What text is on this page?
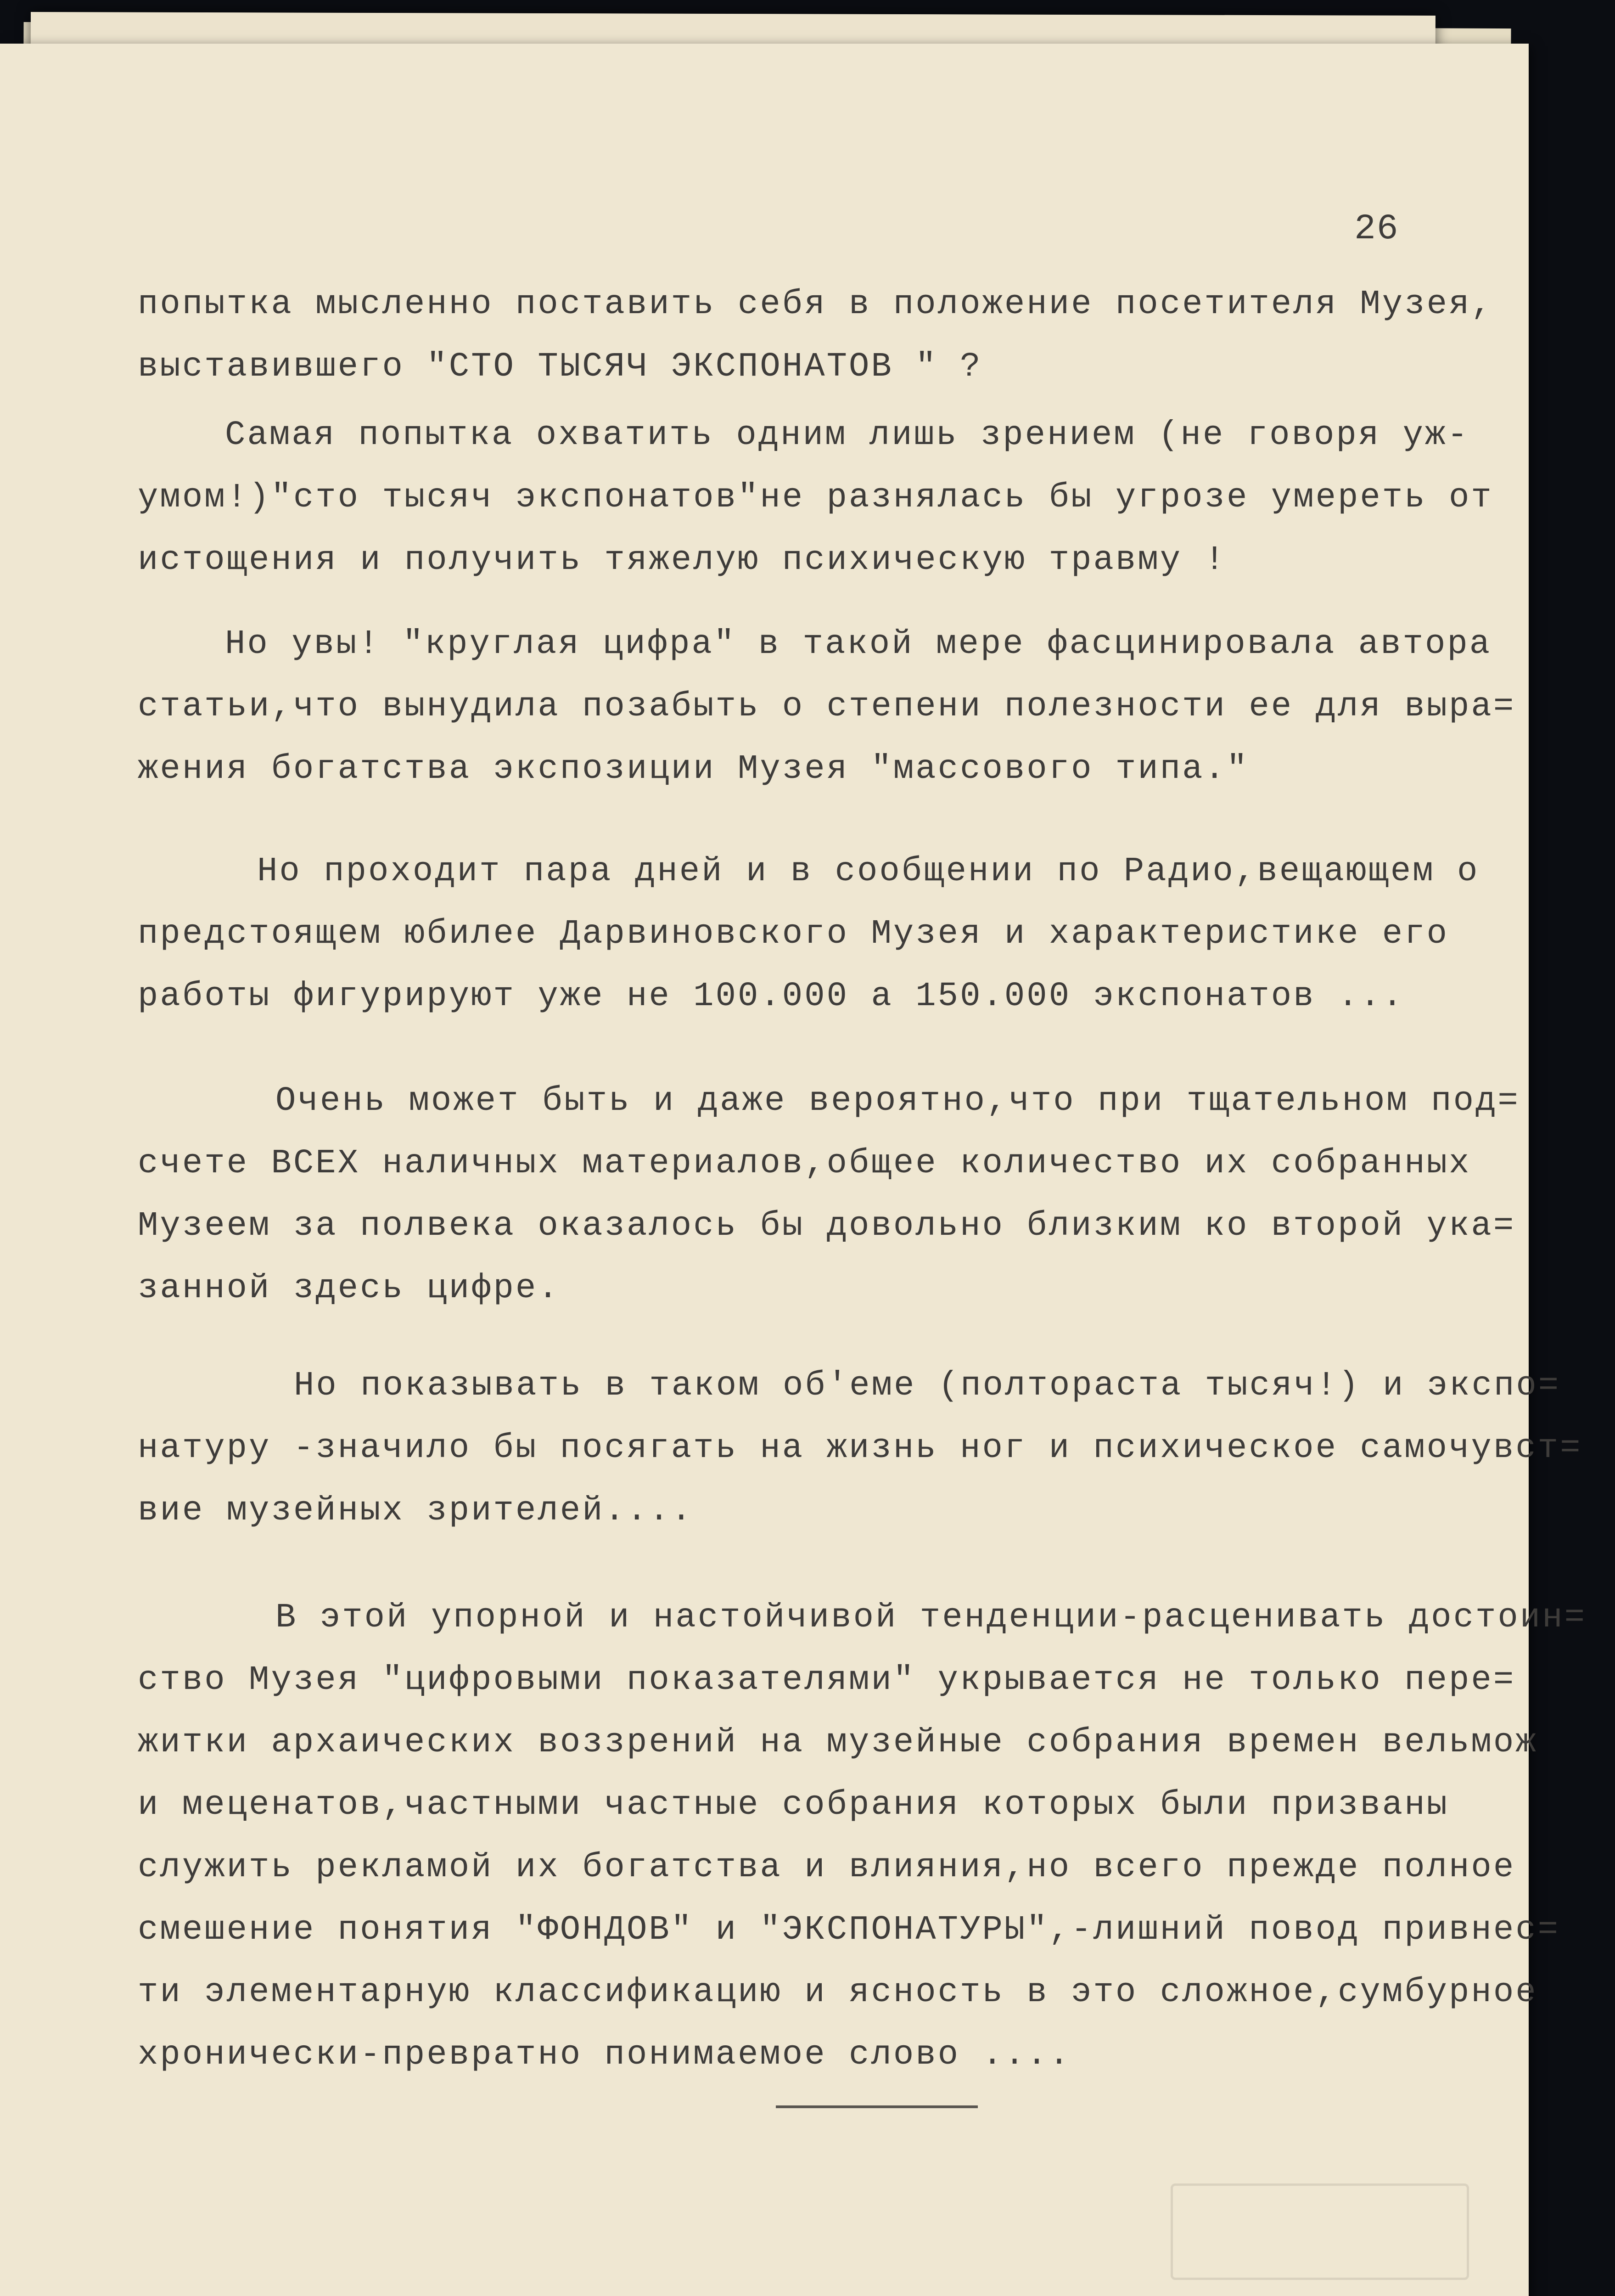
26
попытка мысленно поставить себя в положение посетителя Музея,
выставившего "СТО ТЫСЯЧ ЭКСПОНАТОВ " ?
Самая попытка охватить одним лишь зрением (не говоря уж-
умом!)"сто тысяч экспонатов"не разнялась бы угрозе умереть от
истощения и получить тяжелую психическую травму !
Но увы! "круглая цифра" в такой мере фасцинировала автора
статьи,что вынудила позабыть о степени полезности ее для выра=
жения богатства экспозиции Музея "массового типа."
Но проходит пара дней и в сообщении по Радио,вещающем о
предстоящем юбилее Дарвиновского Музея и характеристике его
работы фигурируют уже не 100.000 а 150.000 экспонатов ...
Очень может быть и даже вероятно,что при тщательном под=
счете ВСЕХ наличных материалов,общее количество их собранных
Музеем за полвека оказалось бы довольно близким ко второй ука=
занной здесь цифре.
Но показывать в таком об'еме (полтораста тысяч!) и экспо=
натуру -значило бы посягать на жизнь ног и психическое самочувст=
вие музейных зрителей....
В этой упорной и настойчивой тенденции-расценивать достоин=
ство Музея "цифровыми показателями" укрывается не только пере=
житки архаических воззрений на музейные собрания времен вельмож
и меценатов,частными частные собрания которых были призваны
служить рекламой их богатства и влияния,но всего прежде полное
смешение понятия "ФОНДОВ" и "ЭКСПОНАТУРЫ",-лишний повод привнес=
ти элементарную классификацию и ясность в это сложное,сумбурное
хронически-превратно понимаемое слово ....
